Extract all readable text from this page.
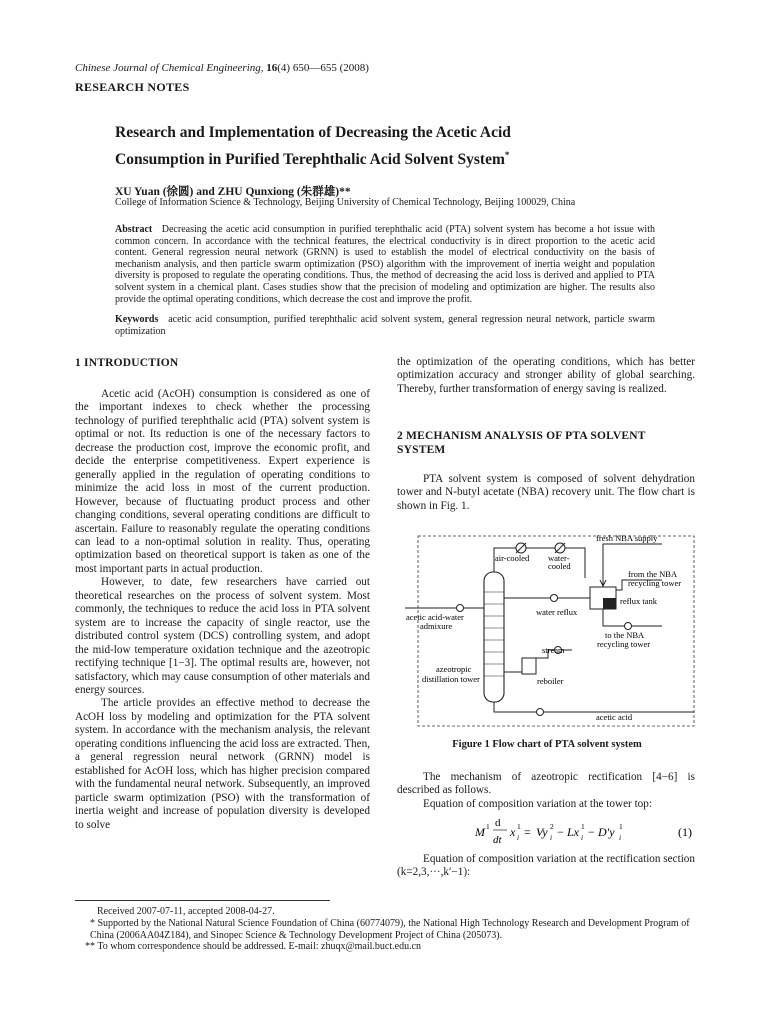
Chinese Journal of Chemical Engineering, 16(4) 650—655 (2008)
RESEARCH NOTES
Research and Implementation of Decreasing the Acetic Acid
Consumption in Purified Terephthalic Acid Solvent System*
XU Yuan (徐圆) and ZHU Qunxiong (朱群雄)**
College of Information Science & Technology, Beijing University of Chemical Technology, Beijing 100029, China
Abstract Decreasing the acetic acid consumption in purified terephthalic acid (PTA) solvent system has become a hot issue with common concern. In accordance with the technical features, the electrical conductivity is in direct proportion to the acetic acid content. General regression neural network (GRNN) is used to establish the model of electrical conductivity on the basis of mechanism analysis, and then particle swarm optimization (PSO) algorithm with the improvement of inertia weight and population diversity is proposed to regulate the operating conditions. Thus, the method of decreasing the acid loss is derived and applied to PTA solvent system in a chemical plant. Cases studies show that the precision of modeling and optimization are higher. The results also provide the optimal operating conditions, which decrease the cost and improve the profit.
Keywords acetic acid consumption, purified terephthalic acid solvent system, general regression neural network, particle swarm optimization
1 INTRODUCTION

Acetic acid (AcOH) consumption is considered as one of the important indexes to check whether the processing technology of purified terephthalic acid (PTA) solvent system is optimal or not. Its reduction is one of the necessary factors to decrease the production cost, improve the economic profit, and decide the enterprise competitiveness. Expert experience is generally applied in the regulation of operating conditions to minimize the acid loss in most of the current production. However, because of fluctuating product process and other changing conditions, several operating conditions are difficult to ascertain. Failure to reasonably regulate the operating conditions can lead to a non-optimal solution in reality. Thus, operating optimization based on theoretical support is taken as one of the most important parts in actual production.

However, to date, few researchers have carried out theoretical researches on the process of solvent system. Most commonly, the techniques to reduce the acid loss in PTA solvent system are to increase the capacity of single reactor, use the distributed control system (DCS) controlling system, and adopt the mid-low temperature oxidation technique and the azeotropic rectifying technique [1−3]. The optimal results are, however, not satisfactory, which may cause consumption of other materials and energy sources.

The article provides an effective method to decrease the AcOH loss by modeling and optimization for the PTA solvent system. In accordance with the mechanism analysis, the relevant operating conditions influencing the acid loss are extracted. Then, a general regression neural network (GRNN) model is established for AcOH loss, which has higher precision compared with the fundamental neural network. Subsequently, an improved particle swarm optimization (PSO) with the transformation of inertia weight and increase of population diversity is developed to solve

the optimization of the operating conditions, which has better optimization accuracy and stronger ability of global searching. Thereby, further transformation of energy saving is realized.

2 MECHANISM ANALYSIS OF PTA SOLVENT SYSTEM

PTA solvent system is composed of solvent dehydration tower and N-butyl acetate (NBA) recovery unit. The flow chart is shown in Fig. 1.

air-cooled water-
cooled
fresh NBA supply
from the NBA
recycling tower
reflux tank
water reflux
acetic acid-water
admixure
to the NBA
recycling tower
stream
reboiler
azeotropic
distillation tower
acetic acid
Figure 1 Flow chart of PTA solvent system

The mechanism of azeotropic rectification [4−6] is described as follows.

Equation of composition variation at the tower top:

M 1 d
dt
x 1
i = Vy 2
i − Lx 1
i − D′y 1
i	(1)

Equation of composition variation at the rectification section (k=2,3,···,k′−1):

Received 2007-07-11, accepted 2008-04-27.

* Supported by the National Natural Science Foundation of China (60774079), the National High Technology Research and Development Program of China (2006AA04Z184), and Sinopec Science & Technology Development Project of China (205073).

** To whom correspondence should be addressed. E-mail: zhuqx@mail.buct.edu.cn
